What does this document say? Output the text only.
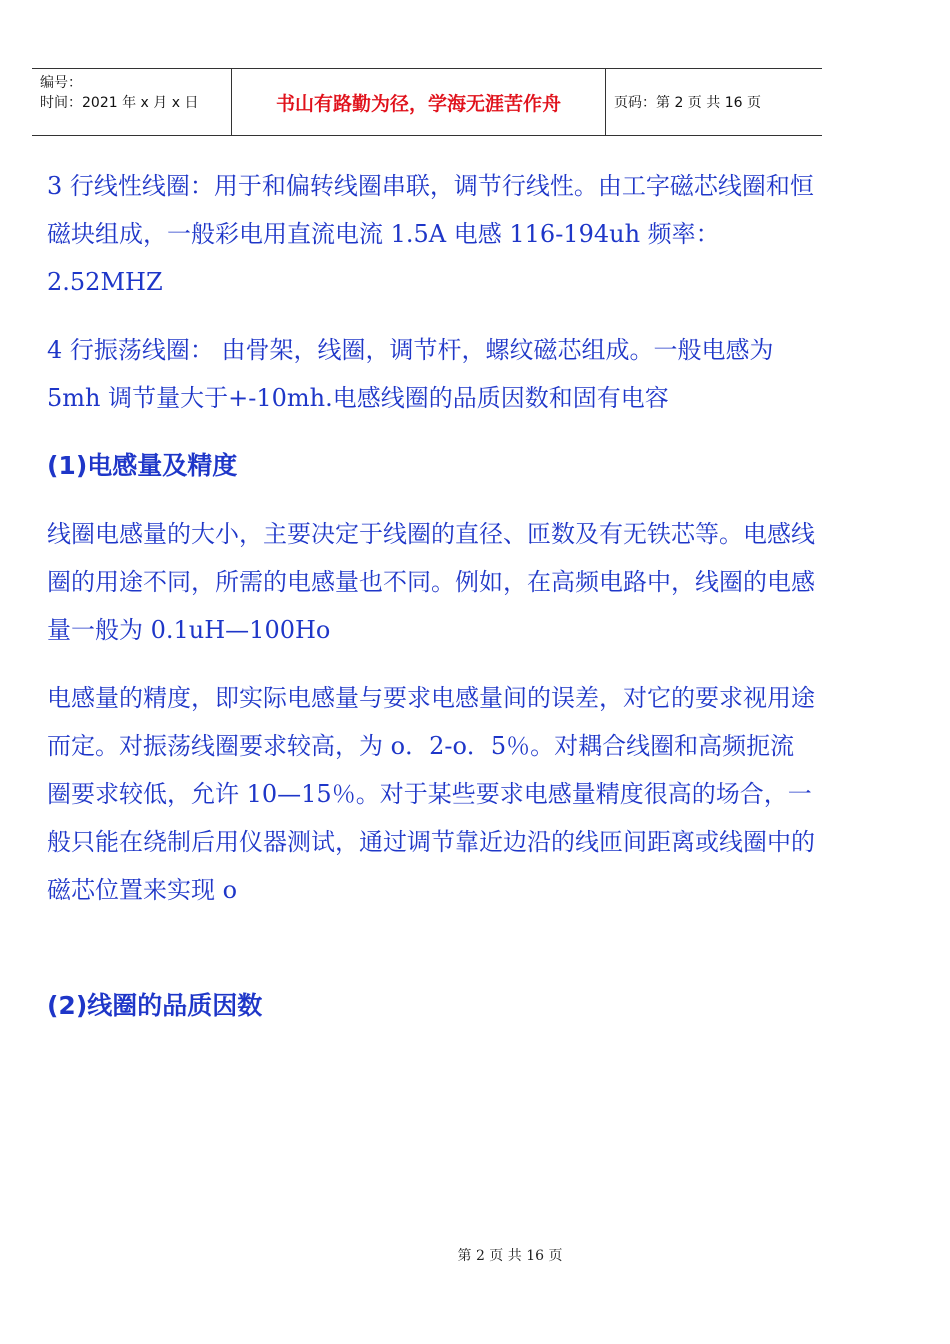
编号：
时间：2021 年 x 月 x 日	书山有路勤为径，学海无涯苦作舟	页码：第 2 页 共 16 页

3 行线性线圈：用于和偏转线圈串联，调节行线性。由工字磁芯线圈和恒磁块组成，一般彩电用直流电流 1.5A 电感 116-194uh 频率：2.52MHZ

4 行振荡线圈： 由骨架，线圈，调节杆，螺纹磁芯组成。一般电感为 5mh 调节量大于+-10mh.电感线圈的品质因数和固有电容

(1)电感量及精度

线圈电感量的大小，主要决定于线圈的直径、匝数及有无铁芯等。电感线圈的用途不同，所需的电感量也不同。例如，在高频电路中，线圈的电感量一般为 0.1uH—100Ho

电感量的精度，即实际电感量与要求电感量间的误差，对它的要求视用途而定。对振荡线圈要求较高，为 o．2-o．5％。对耦合线圈和高频扼流圈要求较低，允许 10—15％。对于某些要求电感量精度很高的场合，一般只能在绕制后用仪器测试，通过调节靠近边沿的线匝间距离或线圈中的磁芯位置来实现 o

(2)线圈的品质因数
第 2 页 共 16 页
